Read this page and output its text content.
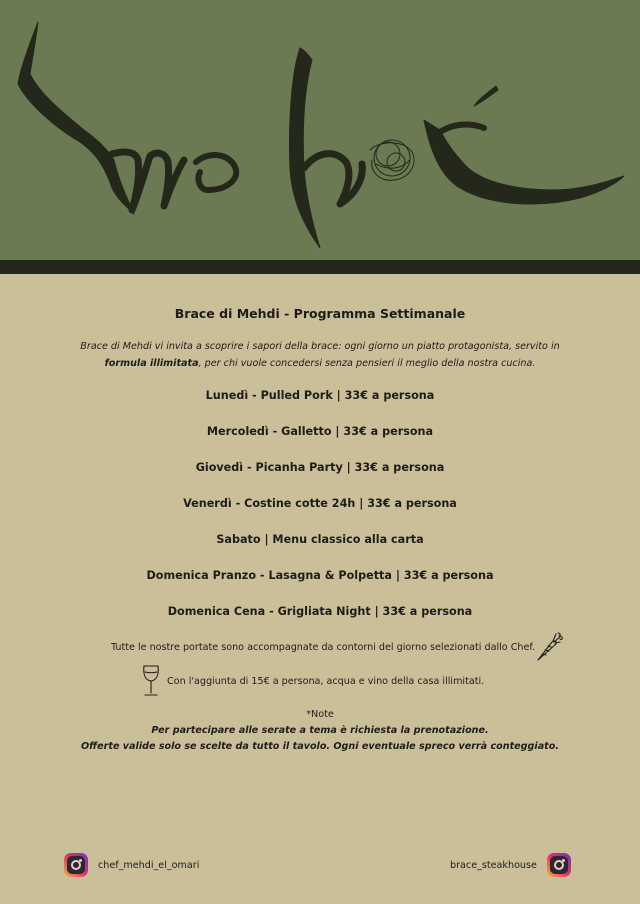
Brace di Mehdi - Programma Settimanale
Brace di Mehdi vi invita a scoprire i sapori della brace: ogni giorno un piatto protagonista, servito in formula illimitata, per chi vuole concedersi senza pensieri il meglio della nostra cucina.
Lunedì - Pulled Pork | 33€ a persona
Mercoledì - Galletto | 33€ a persona
Giovedì - Picanha Party | 33€ a persona
Venerdì - Costine cotte 24h | 33€ a persona
Sabato | Menu classico alla carta
Domenica Pranzo - Lasagna & Polpetta | 33€ a persona
Domenica Cena - Grigliata Night | 33€ a persona
Tutte le nostre portate sono accompagnate da contorni del giorno selezionati dallo Chef.
Con l'aggiunta di 15€ a persona, acqua e vino della casa illimitati.
*Note
Per partecipare alle serate a tema è richiesta la prenotazione.
Offerte valide solo se scelte da tutto il tavolo. Ogni eventuale spreco verrà conteggiato.
chef_mehdi_el_omari	brace_steakhouse
